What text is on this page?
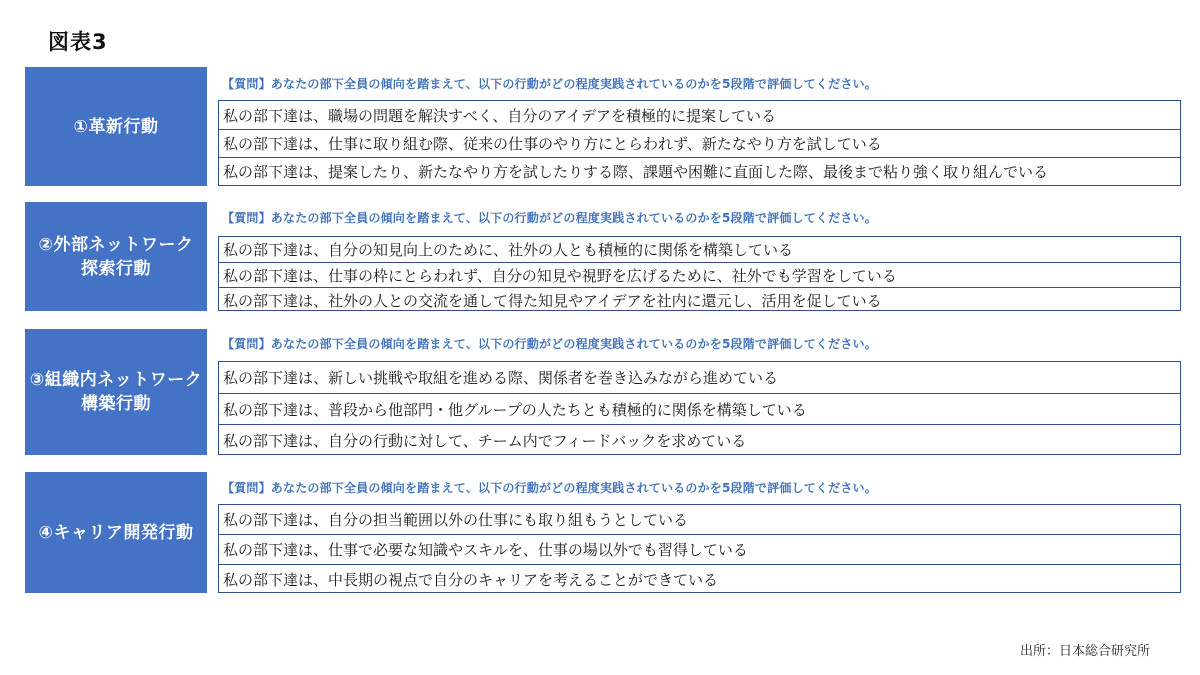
図表3
①革新行動
【質問】あなたの部下全員の傾向を踏まえて、以下の行動がどの程度実践されているのかを5段階で評価してください。
私の部下達は、職場の問題を解決すべく、自分のアイデアを積極的に提案している
私の部下達は、仕事に取り組む際、従来の仕事のやり方にとらわれず、新たなやり方を試している
私の部下達は、提案したり、新たなやり方を試したりする際、課題や困難に直面した際、最後まで粘り強く取り組んでいる
②外部ネットワーク
探索行動
【質問】あなたの部下全員の傾向を踏まえて、以下の行動がどの程度実践されているのかを5段階で評価してください。
私の部下達は、自分の知見向上のために、社外の人とも積極的に関係を構築している
私の部下達は、仕事の枠にとらわれず、自分の知見や視野を広げるために、社外でも学習をしている
私の部下達は、社外の人との交流を通して得た知見やアイデアを社内に還元し、活用を促している
③組織内ネットワーク
構築行動
【質問】あなたの部下全員の傾向を踏まえて、以下の行動がどの程度実践されているのかを5段階で評価してください。
私の部下達は、新しい挑戦や取組を進める際、関係者を巻き込みながら進めている
私の部下達は、普段から他部門・他グループの人たちとも積極的に関係を構築している
私の部下達は、自分の行動に対して、チーム内でフィードバックを求めている
④キャリア開発行動
【質問】あなたの部下全員の傾向を踏まえて、以下の行動がどの程度実践されているのかを5段階で評価してください。
私の部下達は、自分の担当範囲以外の仕事にも取り組もうとしている
私の部下達は、仕事で必要な知識やスキルを、仕事の場以外でも習得している
私の部下達は、中長期の視点で自分のキャリアを考えることができている
出所：日本総合研究所
